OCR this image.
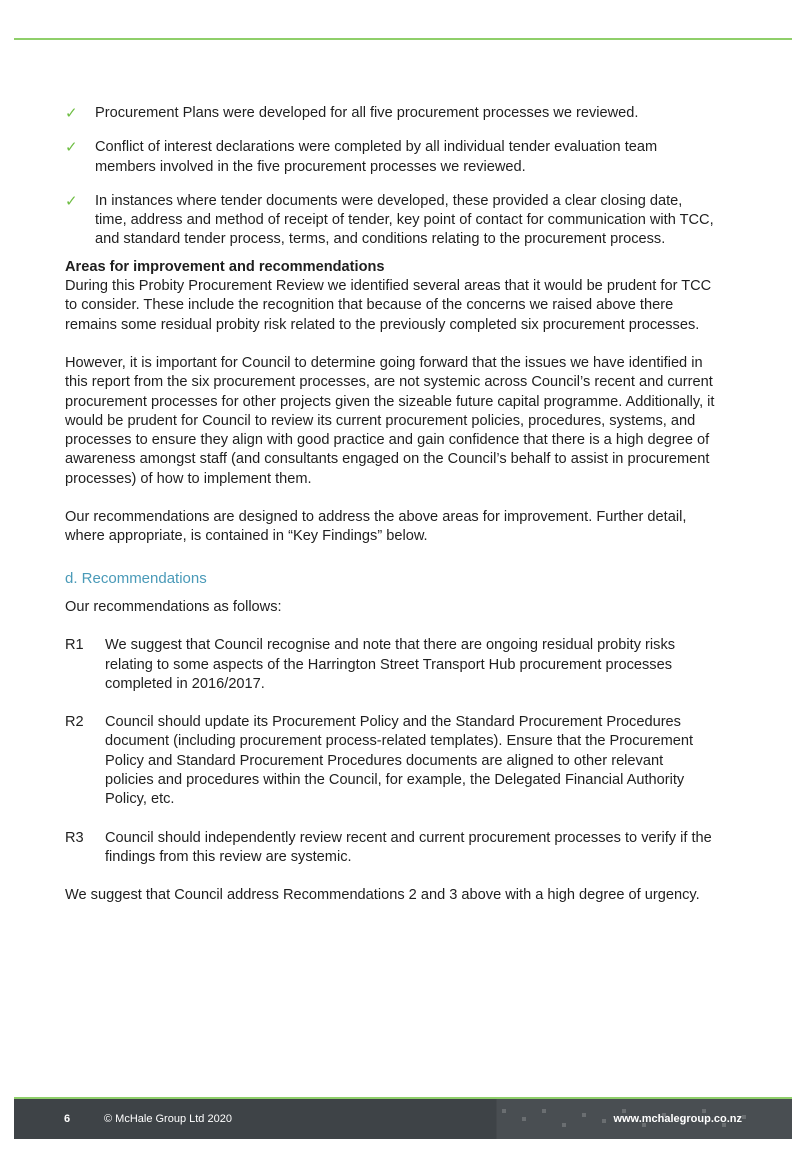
✓ Procurement Plans were developed for all five procurement processes we reviewed.
✓ Conflict of interest declarations were completed by all individual tender evaluation team members involved in the five procurement processes we reviewed.
✓ In instances where tender documents were developed, these provided a clear closing date, time, address and method of receipt of tender, key point of contact for communication with TCC, and standard tender process, terms, and conditions relating to the procurement process.
Areas for improvement and recommendations

During this Probity Procurement Review we identified several areas that it would be prudent for TCC to consider. These include the recognition that because of the concerns we raised above there remains some residual probity risk related to the previously completed six procurement processes.

However, it is important for Council to determine going forward that the issues we have identified in this report from the six procurement processes, are not systemic across Council’s recent and current procurement processes for other projects given the sizeable future capital programme. Additionally, it would be prudent for Council to review its current procurement policies, procedures, systems, and processes to ensure they align with good practice and gain confidence that there is a high degree of awareness amongst staff (and consultants engaged on the Council’s behalf to assist in procurement processes) of how to implement them.

Our recommendations are designed to address the above areas for improvement. Further detail, where appropriate, is contained in “Key Findings” below.

d. Recommendations

Our recommendations as follows:

R1 We suggest that Council recognise and note that there are ongoing residual probity risks relating to some aspects of the Harrington Street Transport Hub procurement processes completed in 2016/2017.
R2 Council should update its Procurement Policy and the Standard Procurement Procedures document (including procurement process-related templates). Ensure that the Procurement Policy and Standard Procurement Procedures documents are aligned to other relevant policies and procedures within the Council, for example, the Delegated Financial Authority Policy, etc.
R3 Council should independently review recent and current procurement processes to verify if the findings from this review are systemic.

We suggest that Council address Recommendations 2 and 3 above with a high degree of urgency.

6	© McHale Group Ltd 2020	www.mchalegroup.co.nz
